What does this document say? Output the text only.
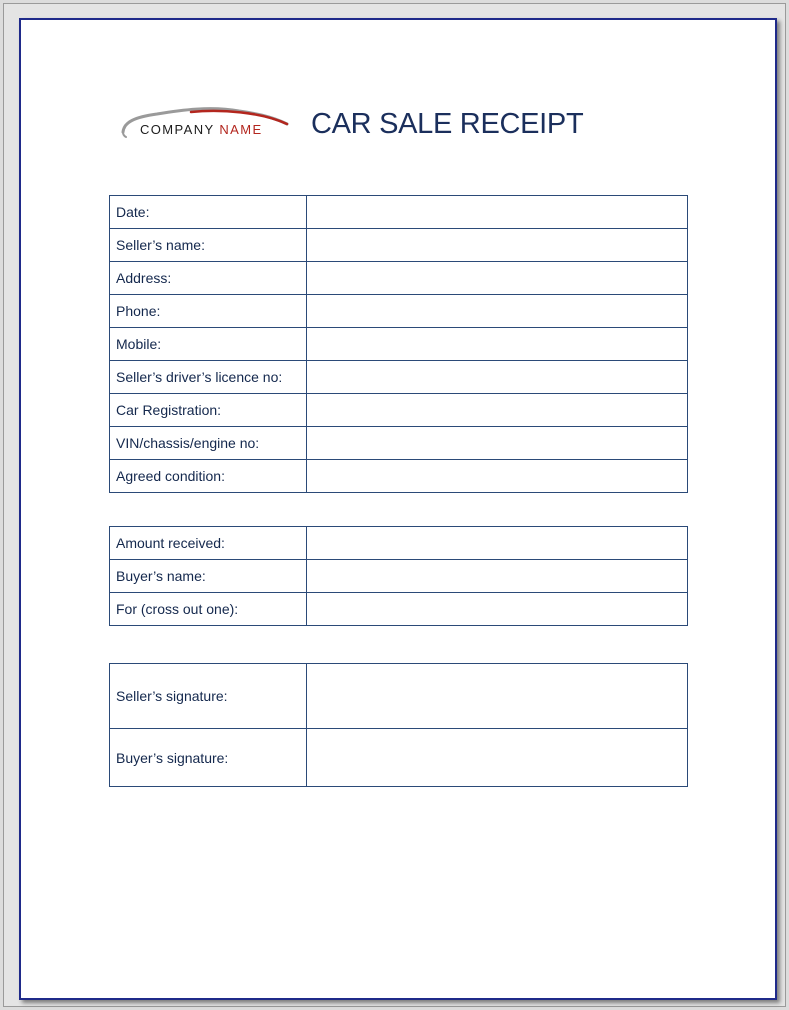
COMPANY NAME CAR SALE RECEIPT
Date:	
Seller’s name:	
Address:	
Phone:	
Mobile:	
Seller’s driver’s licence no:	
Car Registration:	
VIN/chassis/engine no:	
Agreed condition:	
Amount received:	
Buyer’s name:	
For (cross out one):	
Seller’s signature:	
Buyer’s signature:	
